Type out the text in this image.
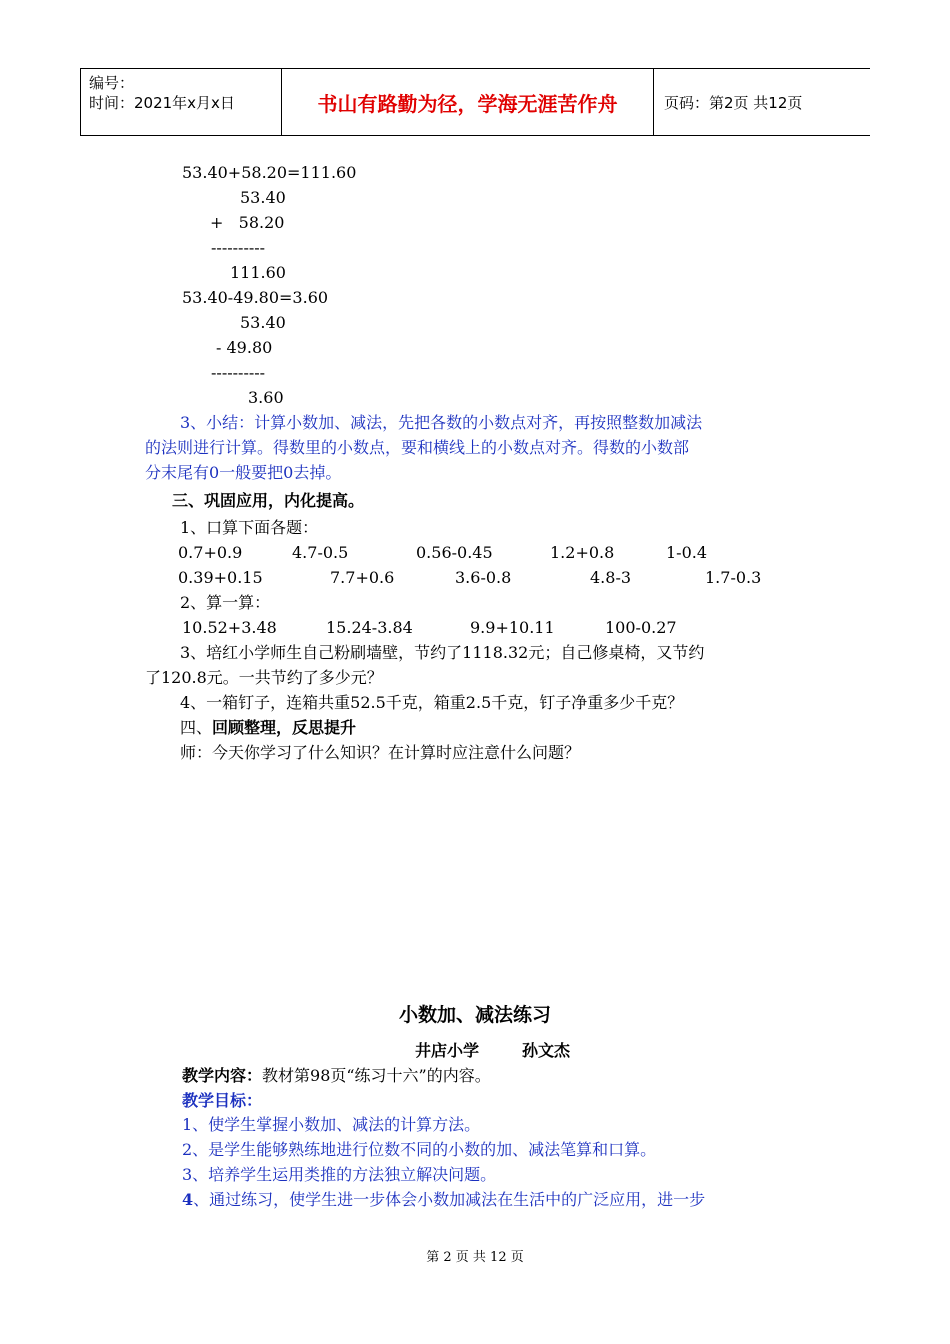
编号：
时间：2021年x月x日	书山有路勤为径，学海无涯苦作舟	页码：第2页 共12页
53.40+58.20=111.60
53.40
+   58.20
----------
111.60
53.40-49.80=3.60
53.40
- 49.80
----------
3.60
3、小结：计算小数加、减法，先把各数的小数点对齐，再按照整数加减法
的法则进行计算。得数里的小数点，要和横线上的小数点对齐。得数的小数部
分末尾有0一般要把0去掉。
三、巩固应用，内化提高。
1、口算下面各题：
0.7+0.9	4.7-0.5	0.56-0.45	1.2+0.8	1-0.4
0.39+0.15	7.7+0.6	3.6-0.8	4.8-3	1.7-0.3
2、算一算：
10.52+3.48	15.24-3.84	9.9+10.11	100-0.27
3、培红小学师生自己粉刷墙壁，节约了1118.32元；自己修桌椅，又节约
了120.8元。一共节约了多少元？
4、一箱钉子，连箱共重52.5千克，箱重2.5千克，钉子净重多少千克？
四、回顾整理，反思提升
师：今天你学习了什么知识？在计算时应注意什么问题？
小数加、减法练习
井店小学	孙文杰
教学内容：教材第98页“练习十六”的内容。
教学目标：
1、使学生掌握小数加、减法的计算方法。
2、是学生能够熟练地进行位数不同的小数的加、减法笔算和口算。
3、培养学生运用类推的方法独立解决问题。
4、通过练习，使学生进一步体会小数加减法在生活中的广泛应用，进一步
第 2 页 共 12 页
